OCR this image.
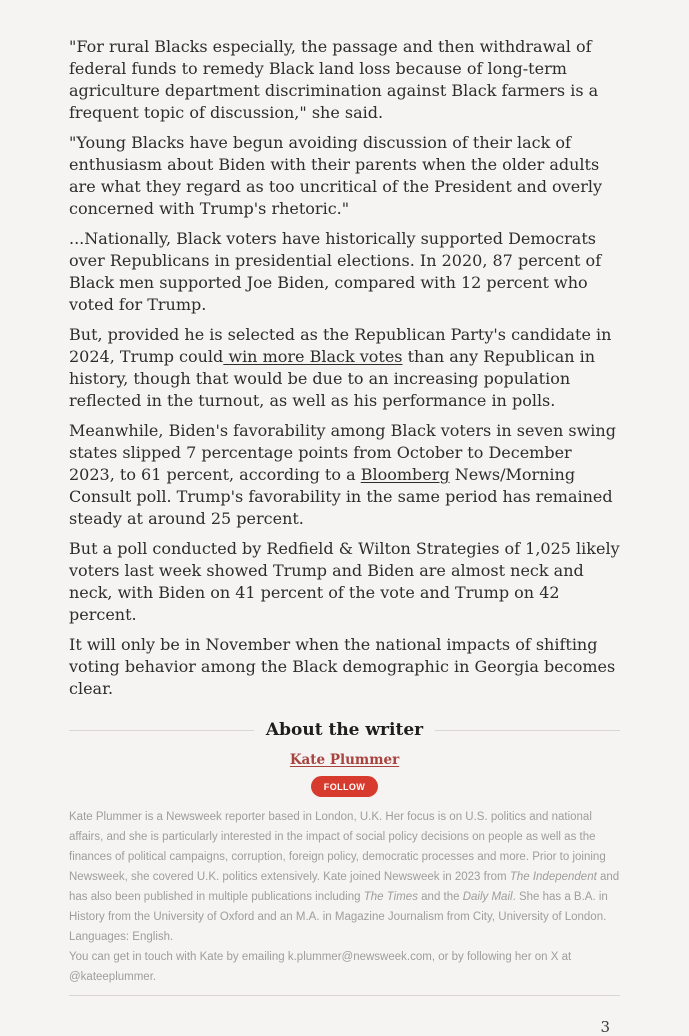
"For rural Blacks especially, the passage and then withdrawal of federal funds to remedy Black land loss because of long-term agriculture department discrimination against Black farmers is a frequent topic of discussion," she said.

"Young Blacks have begun avoiding discussion of their lack of enthusiasm about Biden with their parents when the older adults are what they regard as too uncritical of the President and overly concerned with Trump's rhetoric."

...Nationally, Black voters have historically supported Democrats over Republicans in presidential elections. In 2020, 87 percent of Black men supported Joe Biden, compared with 12 percent who voted for Trump.

But, provided he is selected as the Republican Party's candidate in 2024, Trump could win more Black votes than any Republican in history, though that would be due to an increasing population reflected in the turnout, as well as his performance in polls.

Meanwhile, Biden's favorability among Black voters in seven swing states slipped 7 percentage points from October to December 2023, to 61 percent, according to a Bloomberg News/Morning Consult poll. Trump's favorability in the same period has remained steady at around 25 percent.

But a poll conducted by Redfield & Wilton Strategies of 1,025 likely voters last week showed Trump and Biden are almost neck and neck, with Biden on 41 percent of the vote and Trump on 42 percent.

It will only be in November when the national impacts of shifting voting behavior among the Black demographic in Georgia becomes clear.

About the writer
Kate Plummer
FOLLOW
Kate Plummer is a Newsweek reporter based in London, U.K. Her focus is on U.S. politics and national affairs, and she is particularly interested in the impact of social policy decisions on people as well as the finances of political campaigns, corruption, foreign policy, democratic processes and more. Prior to joining Newsweek, she covered U.K. politics extensively. Kate joined Newsweek in 2023 from The Independent and has also been published in multiple publications including The Times and the Daily Mail. She has a B.A. in History from the University of Oxford and an M.A. in Magazine Journalism from City, University of London.
Languages: English.
You can get in touch with Kate by emailing k.plummer@newsweek.com, or by following her on X at @kateeplummer.
3
